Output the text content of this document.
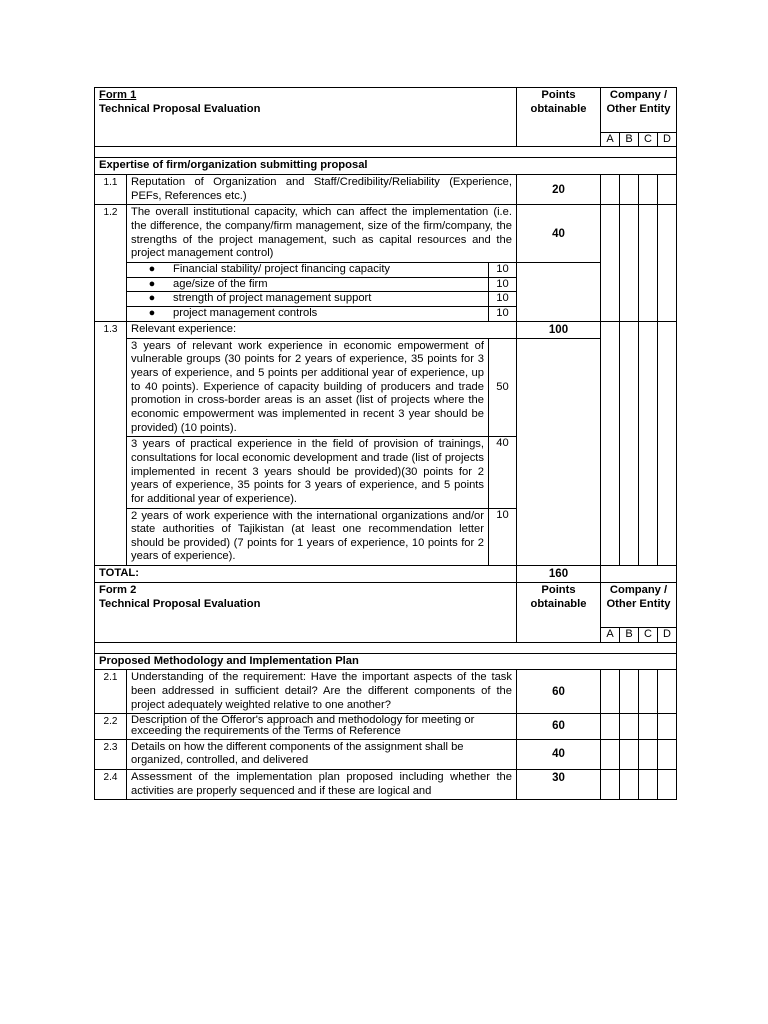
Form 1
Technical Proposal Evaluation			Points obtainable	Company / Other Entity			
				A	B	C	D

Expertise of firm/organization submitting proposal							
1.1	Reputation of Organization and Staff/Credibility/Reliability (Experience, PEFs, References etc.)		20				
1.2	The overall institutional capacity, which can affect the implementation (i.e. the difference, the company/firm management, size of the firm/company, the strengths of the project management, such as capital resources and the project management control)		40				
	● Financial stability/ project financing capacity	10					
	● age/size of the firm	10					
	● strength of project management support	10					
	● project management controls	10					
1.3	Relevant experience:		100				
	3 years of relevant work experience in economic empowerment of vulnerable groups (30 points for 2 years of experience, 35 points for 3 years of experience, and 5 points per additional year of experience, up to 40 points). Experience of capacity building of producers and trade promotion in cross-border areas is an asset (list of projects where the economic empowerment was implemented in recent 3 year should be provided) (10 points).	50					
	3 years of practical experience in the field of provision of trainings, consultations for local economic development and trade (list of projects implemented in recent 3 years should be provided)(30 points for 2 years of experience, 35 points for 3 years of experience, and 5 points for additional year of experience).	40					
	2 years of work experience with the international organizations and/or state authorities of Tajikistan (at least one recommendation letter should be provided) (7 points for 1 years of experience, 10 points for 2 years of experience).	10					
TOTAL:			160				

Form 2
Technical Proposal Evaluation			Points obtainable	Company / Other Entity			
				A	B	C	D

Proposed Methodology and Implementation Plan							
2.1	Understanding of the requirement: Have the important aspects of the task been addressed in sufficient detail? Are the different components of the project adequately weighted relative to one another?		60				
2.2	Description of the Offeror's approach and methodology for meeting or exceeding the requirements of the Terms of Reference		60				
2.3	Details on how the different components of the assignment shall be organized, controlled, and delivered		40				
2.4	Assessment of the implementation plan proposed including whether the activities are properly sequenced and if these are logical and		30				
